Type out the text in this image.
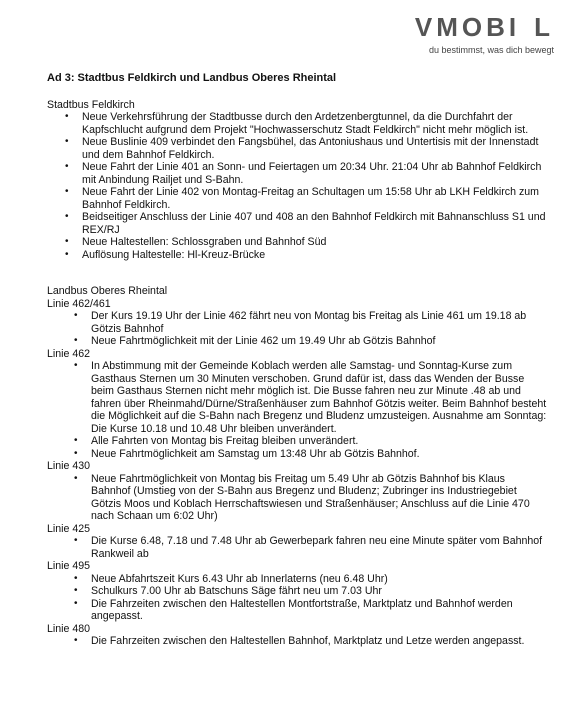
VMOBI L
du bestimmst, was dich bewegt
Ad 3: Stadtbus Feldkirch und Landbus Oberes Rheintal
Stadtbus Feldkirch
• Neue Verkehrsführung der Stadtbusse durch den Ardetzenbergtunnel, da die Durchfahrt der Kapfschlucht aufgrund dem Projekt "Hochwasserschutz Stadt Feldkirch" nicht mehr möglich ist.
• Neue Buslinie 409 verbindet den Fangsbühel, das Antoniushaus und Untertisis mit der Innenstadt und dem Bahnhof Feldkirch.
• Neue Fahrt der Linie 401 an Sonn- und Feiertagen um 20:34 Uhr. 21:04 Uhr ab Bahnhof Feldkirch mit Anbindung Railjet und S-Bahn.
• Neue Fahrt der Linie 402 von Montag-Freitag an Schultagen um 15:58 Uhr ab LKH Feldkirch zum Bahnhof Feldkirch.
• Beidseitiger Anschluss der Linie 407 und 408 an den Bahnhof Feldkirch mit Bahnanschluss S1 und REX/RJ
• Neue Haltestellen: Schlossgraben und Bahnhof Süd
• Auflösung Haltestelle: Hl-Kreuz-Brücke
Landbus Oberes Rheintal
Linie 462/461
• Der Kurs 19.19 Uhr der Linie 462 fährt neu von Montag bis Freitag als Linie 461 um 19.18 ab Götzis Bahnhof
• Neue Fahrtmöglichkeit mit der Linie 462 um 19.49 Uhr ab Götzis Bahnhof
Linie 462
• In Abstimmung mit der Gemeinde Koblach werden alle Samstag- und Sonntag-Kurse zum Gasthaus Sternen um 30 Minuten verschoben. Grund dafür ist, dass das Wenden der Busse beim Gasthaus Sternen nicht mehr möglich ist. Die Busse fahren neu zur Minute .48 ab und fahren über Rheinmahd/Dürne/Straßenhäuser zum Bahnhof Götzis weiter. Beim Bahnhof besteht die Möglichkeit auf die S-Bahn nach Bregenz und Bludenz umzusteigen. Ausnahme am Sonntag: Die Kurse 10.18 und 10.48 Uhr bleiben unverändert.
• Alle Fahrten von Montag bis Freitag bleiben unverändert.
• Neue Fahrtmöglichkeit am Samstag um 13:48 Uhr ab Götzis Bahnhof.
Linie 430
• Neue Fahrtmöglichkeit von Montag bis Freitag um 5.49 Uhr ab Götzis Bahnhof bis Klaus Bahnhof (Umstieg von der S-Bahn aus Bregenz und Bludenz; Zubringer ins Industriegebiet Götzis Moos und Koblach Herrschaftswiesen und Straßenhäuser; Anschluss auf die Linie 470 nach Schaan um 6:02 Uhr)
Linie 425
• Die Kurse 6.48, 7.18 und 7.48 Uhr ab Gewerbepark fahren neu eine Minute später vom Bahnhof Rankweil ab
Linie 495
• Neue Abfahrtszeit Kurs 6.43 Uhr ab Innerlaterns (neu 6.48 Uhr)
• Schulkurs 7.00 Uhr ab Batschuns Säge fährt neu um 7.03 Uhr
• Die Fahrzeiten zwischen den Haltestellen Montfortstraße, Marktplatz und Bahnhof werden angepasst.
Linie 480
• Die Fahrzeiten zwischen den Haltestellen Bahnhof, Marktplatz und Letze werden angepasst.
